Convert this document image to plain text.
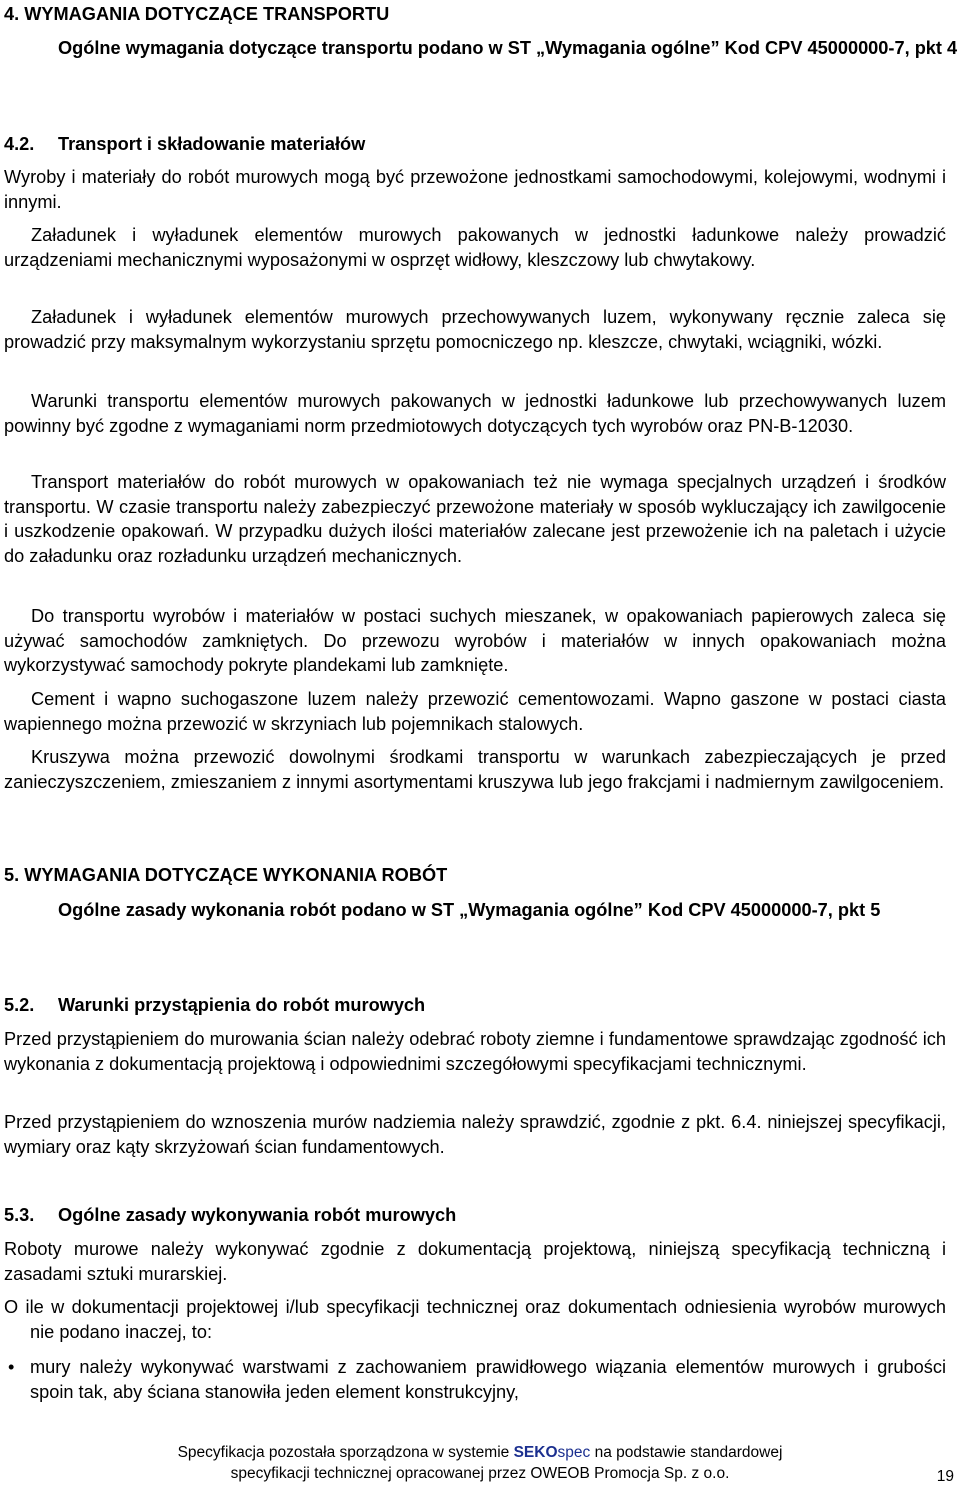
4. WYMAGANIA DOTYCZĄCE TRANSPORTU
Ogólne wymagania dotyczące transportu podano w ST „Wymagania ogólne” Kod CPV 45000000-7, pkt 4
4.2. Transport i składowanie materiałów
Wyroby i materiały do robót murowych mogą być przewożone jednostkami samochodowymi, kolejowymi, wodnymi i innymi.
Załadunek i wyładunek elementów murowych pakowanych w jednostki ładunkowe należy prowadzić urządzeniami mechanicznymi wyposażonymi w osprzęt widłowy, kleszczowy lub chwytakowy.
Załadunek i wyładunek elementów murowych przechowywanych luzem, wykonywany ręcznie zaleca się prowadzić przy maksymalnym wykorzystaniu sprzętu pomocniczego np. kleszcze, chwytaki, wciągniki, wózki.
Warunki transportu elementów murowych pakowanych w jednostki ładunkowe lub przechowywanych luzem powinny być zgodne z wymaganiami norm przedmiotowych dotyczących tych wyrobów oraz PN-B-12030.
Transport materiałów do robót murowych w opakowaniach też nie wymaga specjalnych urządzeń i środków transportu. W czasie transportu należy zabezpieczyć przewożone materiały w sposób wykluczający ich zawilgocenie i uszkodzenie opakowań. W przypadku dużych ilości materiałów zalecane jest przewożenie ich na paletach i użycie do załadunku oraz rozładunku urządzeń mechanicznych.
Do transportu wyrobów i materiałów w postaci suchych mieszanek, w opakowaniach papierowych zaleca się używać samochodów zamkniętych. Do przewozu wyrobów i materiałów w innych opakowaniach można wykorzystywać samochody pokryte plandekami lub zamknięte.
Cement i wapno suchogaszone luzem należy przewozić cementowozami. Wapno gaszone w postaci ciasta wapiennego można przewozić w skrzyniach lub pojemnikach stalowych.
Kruszywa można przewozić dowolnymi środkami transportu w warunkach zabezpieczających je przed zanieczyszczeniem, zmieszaniem z innymi asortymentami kruszywa lub jego frakcjami i nadmiernym zawilgoceniem.
5. WYMAGANIA DOTYCZĄCE WYKONANIA ROBÓT
Ogólne zasady wykonania robót podano w ST „Wymagania ogólne” Kod CPV 45000000-7, pkt 5
5.2. Warunki przystąpienia do robót murowych
Przed przystąpieniem do murowania ścian należy odebrać roboty ziemne i fundamentowe sprawdzając zgodność ich wykonania z dokumentacją projektową i odpowiednimi szczegółowymi specyfikacjami technicznymi.
Przed przystąpieniem do wznoszenia murów nadziemia należy sprawdzić, zgodnie z pkt. 6.4. niniejszej specyfikacji, wymiary oraz kąty skrzyżowań ścian fundamentowych.
5.3. Ogólne zasady wykonywania robót murowych
Roboty murowe należy wykonywać zgodnie z dokumentacją projektową, niniejszą specyfikacją techniczną i zasadami sztuki murarskiej.
O ile w dokumentacji projektowej i/lub specyfikacji technicznej oraz dokumentach odniesienia wyrobów murowych nie podano inaczej, to:
• mury należy wykonywać warstwami z zachowaniem prawidłowego wiązania elementów murowych i grubości spoin tak, aby ściana stanowiła jeden element konstrukcyjny,
Specyfikacja pozostała sporządzona w systemie SEKOspec na podstawie standardowej
specyfikacji technicznej opracowanej przez OWEOB Promocja Sp. z o.o.	19
